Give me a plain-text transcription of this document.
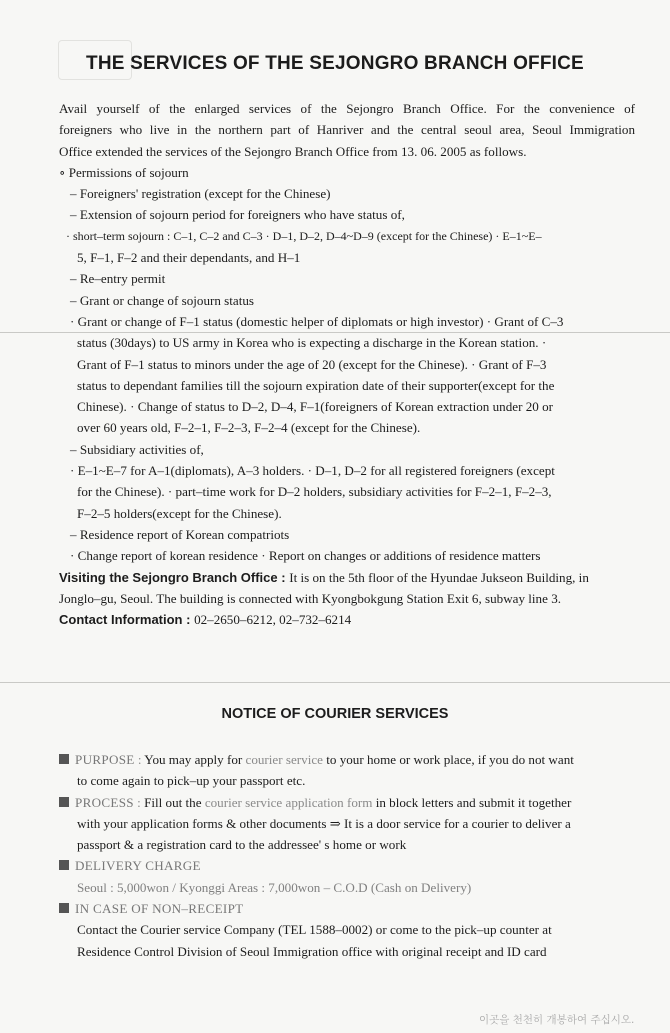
THE SERVICES OF THE SEJONGRO BRANCH OFFICE

Avail yourself of the enlarged services of the Sejongro Branch Office. For the convenience of

foreigners who live in the northern part of Hanriver and the central seoul area, Seoul Immigration

Office extended the services of the Sejongro Branch Office from 13. 06. 2005 as follows.

∘ Permissions of sojourn

– Foreigners' registration (except for the Chinese)

– Extension of sojourn period for foreigners who have status of,

· short–term sojourn : C–1, C–2 and C–3 · D–1, D–2, D–4~D–9 (except for the Chinese) · E–1~E–

5, F–1, F–2 and their dependants, and H–1

– Re–entry permit

– Grant or change of sojourn status

· Grant or change of F–1 status (domestic helper of diplomats or high investor) · Grant of C–3

status (30days) to US army in Korea who is expecting a discharge in the Korean station. ·

Grant of F–1 status to minors under the age of 20 (except for the Chinese). · Grant of F–3

status to dependant families till the sojourn expiration date of their supporter(except for the

Chinese). · Change of status to D–2, D–4, F–1(foreigners of Korean extraction under 20 or

over 60 years old, F–2–1, F–2–3, F–2–4 (except for the Chinese).

– Subsidiary activities of,

· E–1~E–7 for A–1(diplomats), A–3 holders. · D–1, D–2 for all registered foreigners (except

for the Chinese). · part–time work for D–2 holders, subsidiary activities for F–2–1, F–2–3,

F–2–5 holders(except for the Chinese).

– Residence report of Korean compatriots

· Change report of korean residence · Report on changes or additions of residence matters

Visiting the Sejongro Branch Office : It is on the 5th floor of the Hyundae Jukseon Building, in

Jonglo–gu, Seoul. The building is connected with Kyongbokgung Station Exit 6, subway line 3.

Contact Information : 02–2650–6212, 02–732–6214

NOTICE OF COURIER SERVICES

PURPOSE : You may apply for courier service to your home or work place, if you do not want

to come again to pick–up your passport etc.

PROCESS : Fill out the courier service application form in block letters and submit it together

with your application forms & other documents ⇒ It is a door service for a courier to deliver a

passport & a registration card to the addressee' s home or work

DELIVERY CHARGE

Seoul : 5,000won / Kyonggi Areas : 7,000won – C.O.D (Cash on Delivery)

IN CASE OF NON–RECEIPT

Contact the Courier service Company (TEL 1588–0002) or come to the pick–up counter at

Residence Control Division of Seoul Immigration office with original receipt and ID card

이곳을 천천히 개봉하여 주십시오.
